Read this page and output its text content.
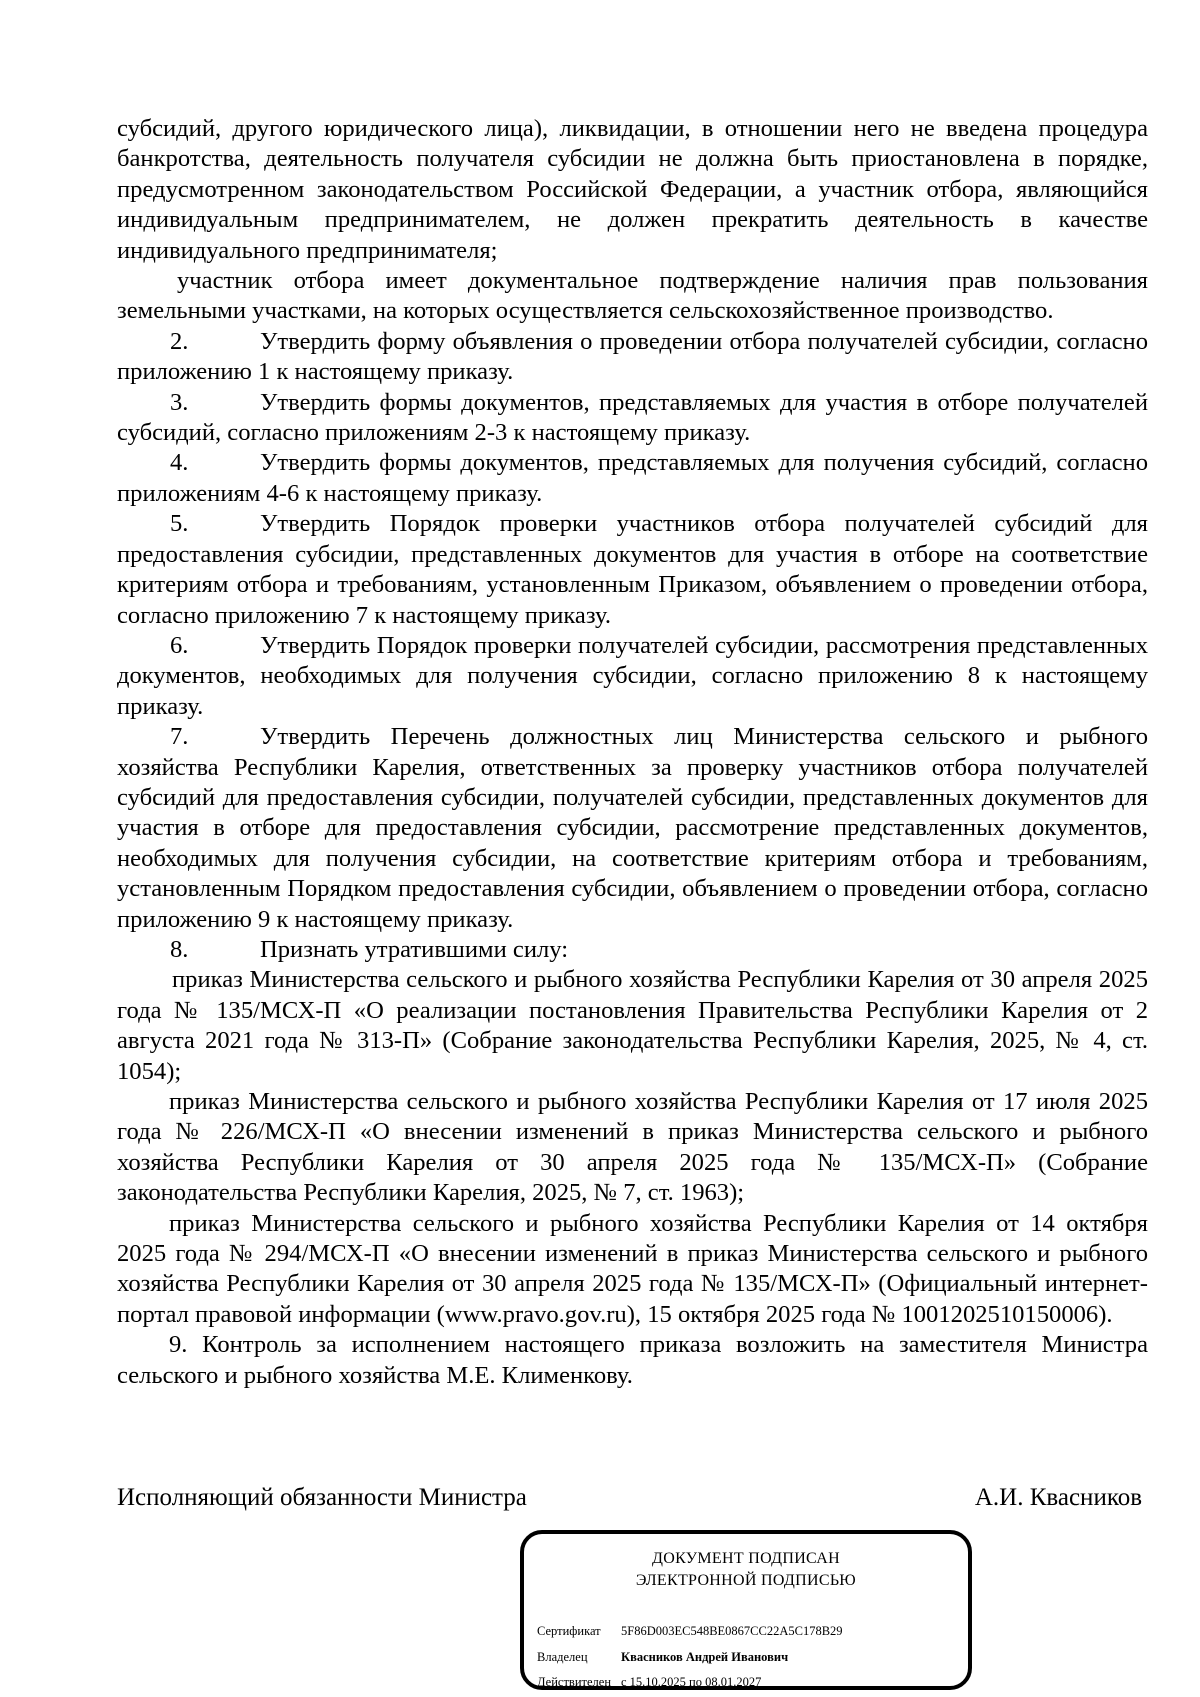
субсидий, другого юридического лица), ликвидации, в отношении него не введена процедура банкротства, деятельность получателя субсидии не должна быть приостановлена в порядке, предусмотренном законодательством Российской Федерации, а участник отбора, являющийся индивидуальным предпринимателем, не должен прекратить деятельность в качестве индивидуального предпринимателя;

участник отбора имеет документальное подтверждение наличия прав пользования земельными участками, на которых осуществляется сельскохозяйственное производство.

2.	Утвердить форму объявления о проведении отбора получателей субсидии, согласно приложению 1 к настоящему приказу.

3.	Утвердить формы документов, представляемых для участия в отборе получателей субсидий, согласно приложениям 2-3 к настоящему приказу.

4.	Утвердить формы документов, представляемых для получения субсидий, согласно приложениям 4-6 к настоящему приказу.

5.	Утвердить Порядок проверки участников отбора получателей субсидий для предоставления субсидии, представленных документов для участия в отборе на соответствие критериям отбора и требованиям, установленным Приказом, объявлением о проведении отбора, согласно приложению 7 к настоящему приказу.

6.	Утвердить Порядок проверки получателей субсидии, рассмотрения представленных документов, необходимых для получения субсидии, согласно приложению 8 к настоящему приказу.

7.	Утвердить Перечень должностных лиц Министерства сельского и рыбного хозяйства Республики Карелия, ответственных за проверку участников отбора получателей субсидий для предоставления субсидии, получателей субсидии, представленных документов для участия в отборе для предоставления субсидии, рассмотрение представленных документов, необходимых для получения субсидии, на соответствие критериям отбора и требованиям, установленным Порядком предоставления субсидии, объявлением о проведении отбора, согласно приложению 9 к настоящему приказу.

8.	Признать утратившими силу:

приказ Министерства сельского и рыбного хозяйства Республики Карелия от 30 апреля 2025 года № 135/МСХ-П «О реализации постановления Правительства Республики Карелия от 2 августа 2021 года № 313-П» (Собрание законодательства Республики Карелия, 2025, № 4, ст. 1054);

приказ Министерства сельского и рыбного хозяйства Республики Карелия от 17 июля 2025 года № 226/МСХ-П «О внесении изменений в приказ Министерства сельского и рыбного хозяйства Республики Карелия от 30 апреля 2025 года № 135/МСХ-П» (Собрание законодательства Республики Карелия, 2025, № 7, ст. 1963);

приказ Министерства сельского и рыбного хозяйства Республики Карелия от 14 октября 2025 года № 294/МСХ-П «О внесении изменений в приказ Министерства сельского и рыбного хозяйства Республики Карелия от 30 апреля 2025 года № 135/МСХ-П» (Официальный интернет-портал правовой информации (www.pravo.gov.ru), 15 октября 2025 года № 1001202510150006).

9. Контроль за исполнением настоящего приказа возложить на заместителя Министра сельского и рыбного хозяйства М.Е. Клименкову.

Исполняющий обязанности Министра	А.И. Квасников
ДОКУМЕНТ ПОДПИСАН
ЭЛЕКТРОННОЙ ПОДПИСЬЮ
Сертификат 5F86D003EC548BE0867CC22A5C178B29
Владелец	Квасников Андрей Иванович
Действителен с 15.10.2025 по 08.01.2027
